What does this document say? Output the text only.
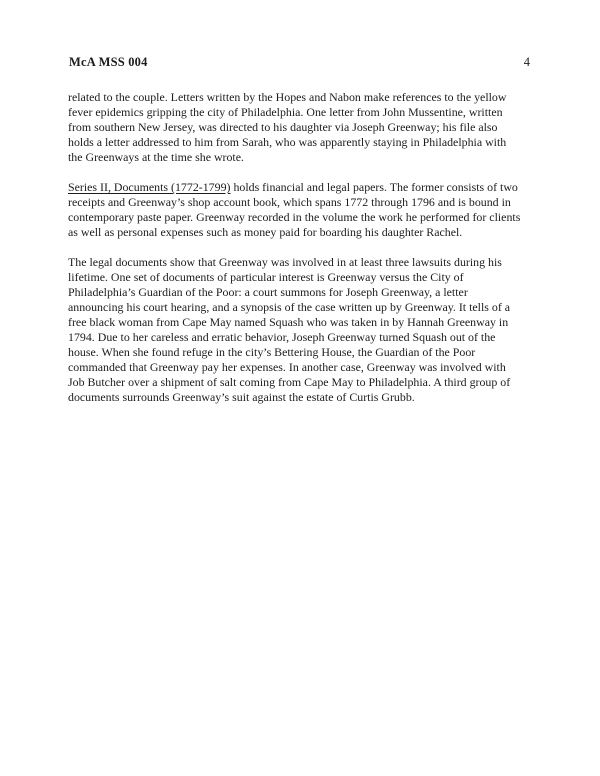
McA MSS 004	4
related to the couple. Letters written by the Hopes and Nabon make references to the yellow
fever epidemics gripping the city of Philadelphia. One letter from John Mussentine, written
from southern New Jersey, was directed to his daughter via Joseph Greenway; his file also
holds a letter addressed to him from Sarah, who was apparently staying in Philadelphia with
the Greenways at the time she wrote.
Series II, Documents (1772-1799) holds financial and legal papers. The former consists of two
receipts and Greenway’s shop account book, which spans 1772 through 1796 and is bound in
contemporary paste paper. Greenway recorded in the volume the work he performed for clients
as well as personal expenses such as money paid for boarding his daughter Rachel.
The legal documents show that Greenway was involved in at least three lawsuits during his
lifetime. One set of documents of particular interest is Greenway versus the City of
Philadelphia’s Guardian of the Poor: a court summons for Joseph Greenway, a letter
announcing his court hearing, and a synopsis of the case written up by Greenway. It tells of a
free black woman from Cape May named Squash who was taken in by Hannah Greenway in
1794. Due to her careless and erratic behavior, Joseph Greenway turned Squash out of the
house. When she found refuge in the city’s Bettering House, the Guardian of the Poor
commanded that Greenway pay her expenses. In another case, Greenway was involved with
Job Butcher over a shipment of salt coming from Cape May to Philadelphia. A third group of
documents surrounds Greenway’s suit against the estate of Curtis Grubb.
